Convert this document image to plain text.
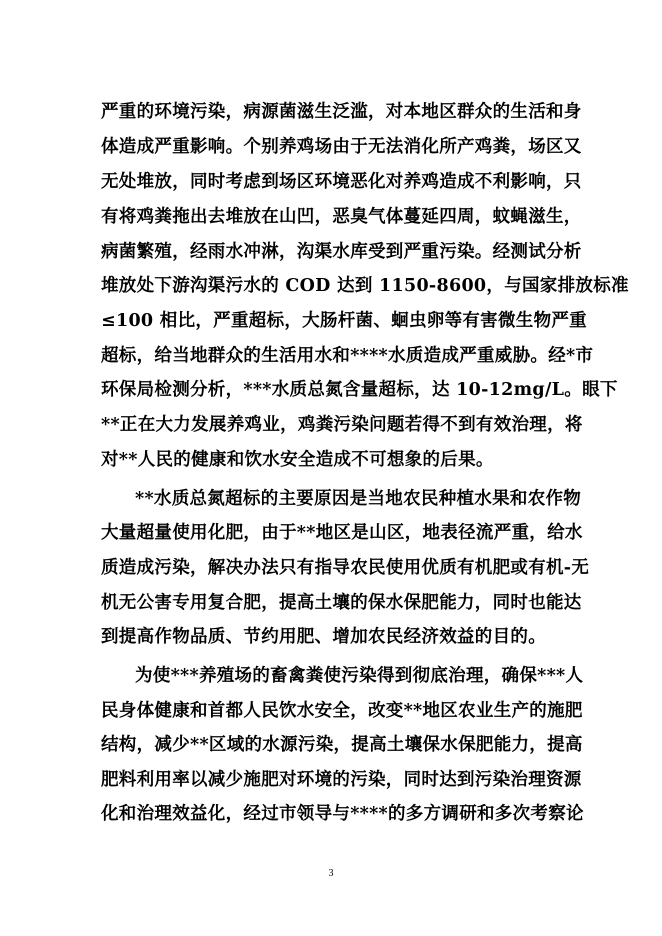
严重的环境污染，病源菌滋生泛滥，对本地区群众的生活和身
体造成严重影响。个别养鸡场由于无法消化所产鸡粪，场区又
无处堆放，同时考虑到场区环境恶化对养鸡造成不利影响，只
有将鸡粪拖出去堆放在山凹，恶臭气体蔓延四周，蚊蝇滋生，
病菌繁殖，经雨水冲淋，沟渠水库受到严重污染。经测试分析
堆放处下游沟渠污水的 COD 达到 1150-8600，与国家排放标准
≤100 相比，严重超标，大肠杆菌、蛔虫卵等有害微生物严重
超标，给当地群众的生活用水和****水质造成严重威胁。经*市
环保局检测分析，***水质总氮含量超标，达 10-12mg/L。眼下
**正在大力发展养鸡业，鸡粪污染问题若得不到有效治理，将
对**人民的健康和饮水安全造成不可想象的后果。
**水质总氮超标的主要原因是当地农民种植水果和农作物
大量超量使用化肥，由于**地区是山区，地表径流严重，给水
质造成污染，解决办法只有指导农民使用优质有机肥或有机-无
机无公害专用复合肥，提高土壤的保水保肥能力，同时也能达
到提高作物品质、节约用肥、增加农民经济效益的目的。
为使***养殖场的畜禽粪使污染得到彻底治理，确保***人
民身体健康和首都人民饮水安全，改变**地区农业生产的施肥
结构，减少**区域的水源污染，提高土壤保水保肥能力，提高
肥料利用率以减少施肥对环境的污染，同时达到污染治理资源
化和治理效益化，经过市领导与****的多方调研和多次考察论
3
